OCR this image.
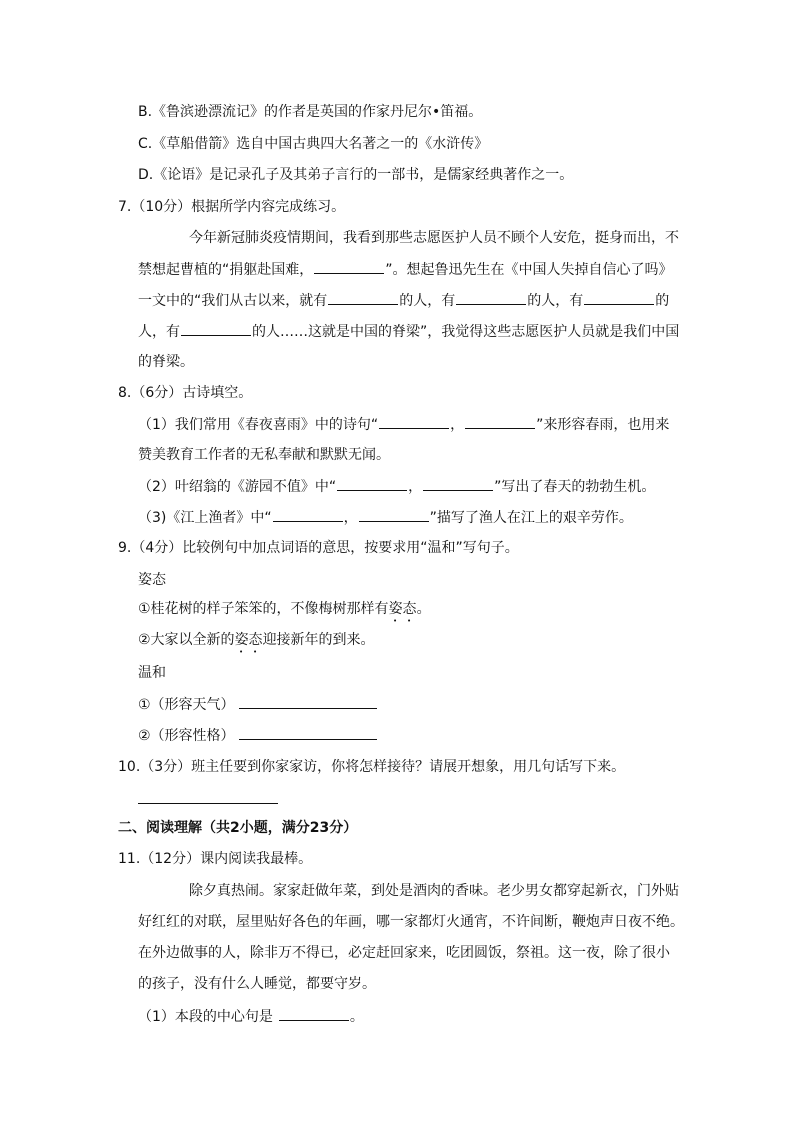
B.《鲁滨逊漂流记》的作者是英国的作家丹尼尔•笛福。
C.《草船借箭》选自中国古典四大名著之一的《水浒传》
D.《论语》是记录孔子及其弟子言行的一部书，是儒家经典著作之一。
7.（10分）根据所学内容完成练习。
今年新冠肺炎疫情期间，我看到那些志愿医护人员不顾个人安危，挺身而出，不
禁想起曹植的“捐躯赴国难，	”。想起鲁迅先生在《中国人失掉自信心了吗》
一文中的“我们从古以来，就有	的人，有	的人，有	的
人，有	的人……这就是中国的脊梁”，我觉得这些志愿医护人员就是我们中国
的脊梁。
8.（6分）古诗填空。
（1）我们常用《春夜喜雨》中的诗句“	，	”来形容春雨，也用来
赞美教育工作者的无私奉献和默默无闻。
（2）叶绍翁的《游园不值》中“	，	”写出了春天的勃勃生机。
（3)《江上渔者》中“	，	”描写了渔人在江上的艰辛劳作。
9.（4分）比较例句中加点词语的意思，按要求用“温和”写句子。
姿态
①桂花树的样子笨笨的，不像梅树那样有姿态。
②大家以全新的姿态迎接新年的到来。
温和
①（形容天气）
②（形容性格）
10.（3分）班主任要到你家家访，你将怎样接待？请展开想象，用几句话写下来。
二、阅读理解（共2小题，满分23分）
11.（12分）课内阅读我最棒。
除夕真热闹。家家赶做年菜，到处是酒肉的香味。老少男女都穿起新衣，门外贴
好红红的对联，屋里贴好各色的年画，哪一家都灯火通宵，不许间断，鞭炮声日夜不绝。
在外边做事的人，除非万不得已，必定赶回家来，吃团圆饭，祭祖。这一夜，除了很小
的孩子，没有什么人睡觉，都要守岁。
（1）本段的中心句是	。
